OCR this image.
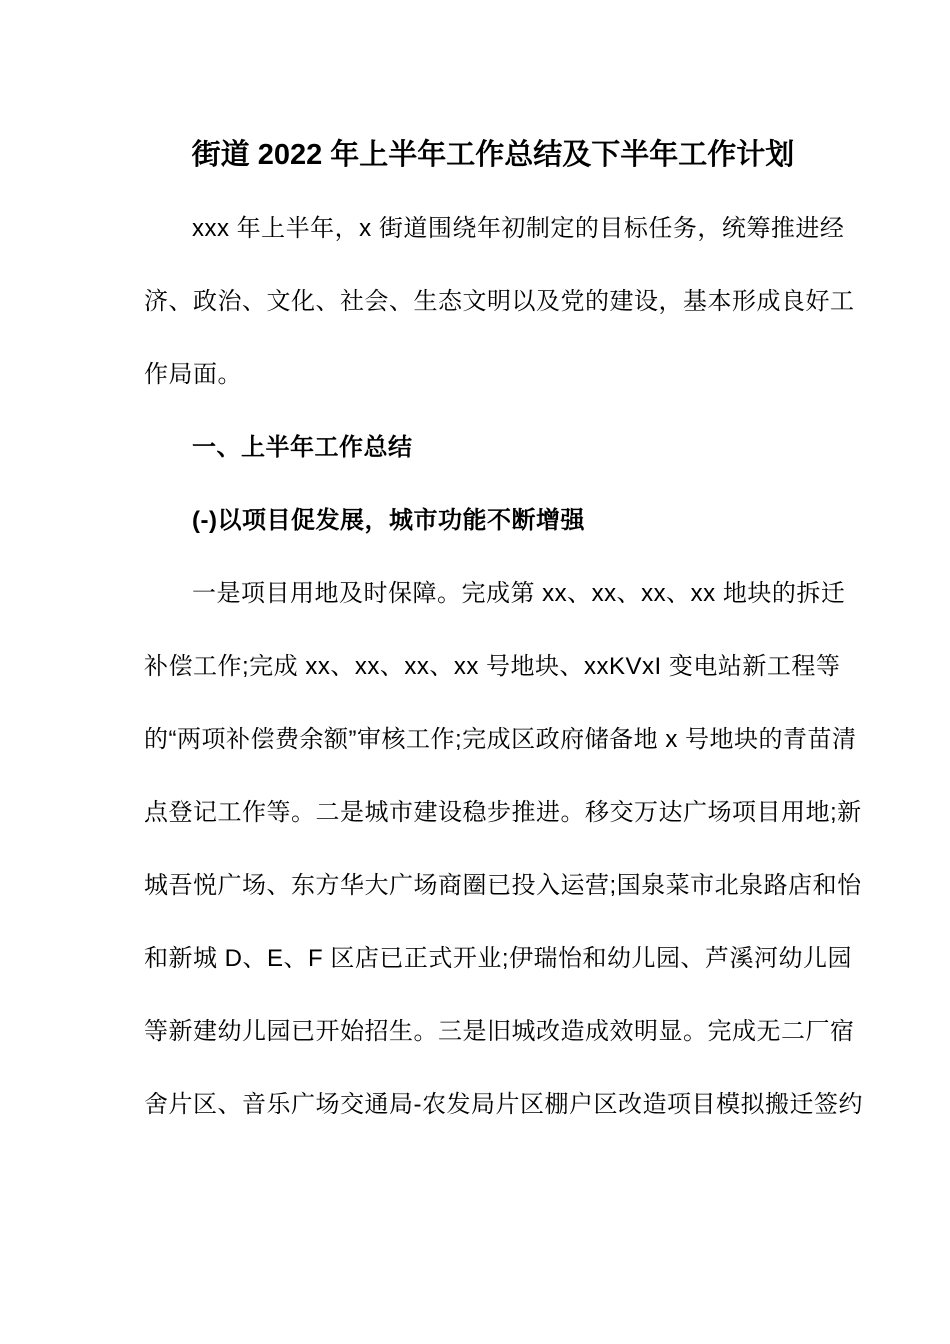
街道 2022 年上半年工作总结及下半年工作计划
xxx 年上半年，x 街道围绕年初制定的目标任务，统筹推进经
济、政治、文化、社会、生态文明以及党的建设，基本形成良好工
作局面。
一、上半年工作总结
(-)以项目促发展，城市功能不断增强
一是项目用地及时保障。完成第 xx、xx、xx、xx 地块的拆迁
补偿工作;完成 xx、xx、xx、xx 号地块、xxKVxI 变电站新工程等
的“两项补偿费余额”审核工作;完成区政府储备地 x 号地块的青苗清
点登记工作等。二是城市建设稳步推进。移交万达广场项目用地;新
城吾悦广场、东方华大广场商圈已投入运营;国泉菜市北泉路店和怡
和新城 D、E、F 区店已正式开业;伊瑞怡和幼儿园、芦溪河幼儿园
等新建幼儿园已开始招生。三是旧城改造成效明显。完成无二厂宿
舍片区、音乐广场交通局-农发局片区棚户区改造项目模拟搬迁签约
